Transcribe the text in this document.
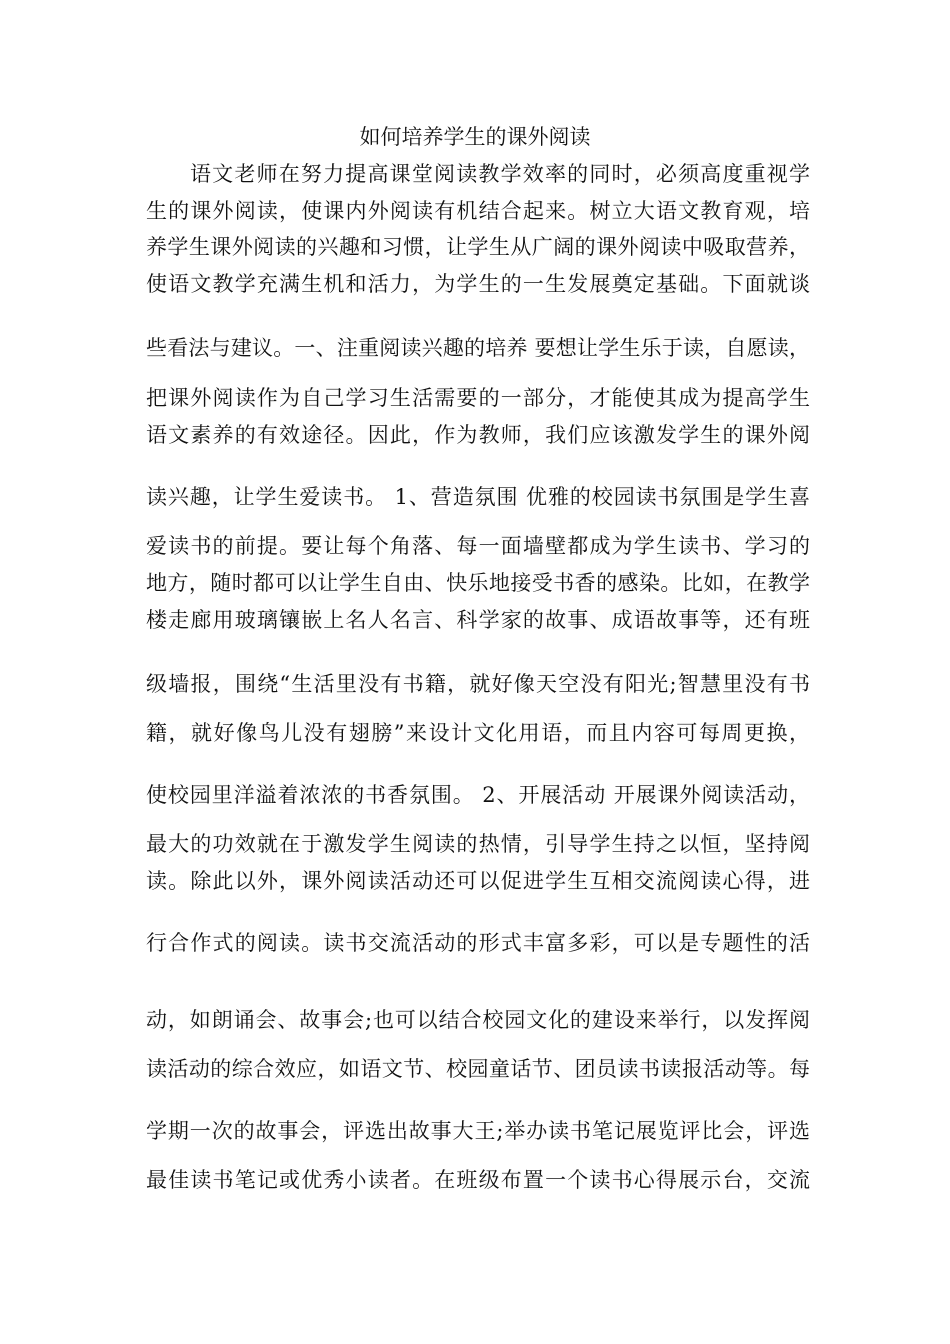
如何培养学生的课外阅读
语文老师在努力提高课堂阅读教学效率的同时，必须高度重视学
生的课外阅读，使课内外阅读有机结合起来。树立大语文教育观，培
养学生课外阅读的兴趣和习惯，让学生从广阔的课外阅读中吸取营养，
使语文教学充满生机和活力，为学生的一生发展奠定基础。下面就谈
些看法与建议。一、注重阅读兴趣的培养 要想让学生乐于读，自愿读，
把课外阅读作为自己学习生活需要的一部分，才能使其成为提高学生
语文素养的有效途径。因此，作为教师，我们应该激发学生的课外阅
读兴趣，让学生爱读书。 1、营造氛围 优雅的校园读书氛围是学生喜
爱读书的前提。要让每个角落、每一面墙壁都成为学生读书、学习的
地方，随时都可以让学生自由、快乐地接受书香的感染。比如，在教学
楼走廊用玻璃镶嵌上名人名言、科学家的故事、成语故事等，还有班
级墙报，围绕“生活里没有书籍，就好像天空没有阳光;智慧里没有书
籍，就好像鸟儿没有翅膀”来设计文化用语，而且内容可每周更换，
使校园里洋溢着浓浓的书香氛围。 2、开展活动 开展课外阅读活动，
最大的功效就在于激发学生阅读的热情，引导学生持之以恒，坚持阅
读。除此以外，课外阅读活动还可以促进学生互相交流阅读心得，进
行合作式的阅读。读书交流活动的形式丰富多彩，可以是专题性的活
动，如朗诵会、故事会;也可以结合校园文化的建设来举行，以发挥阅
读活动的综合效应，如语文节、校园童话节、团员读书读报活动等。每
学期一次的故事会，评选出故事大王;举办读书笔记展览评比会，评选
最佳读书笔记或优秀小读者。在班级布置一个读书心得展示台，交流
